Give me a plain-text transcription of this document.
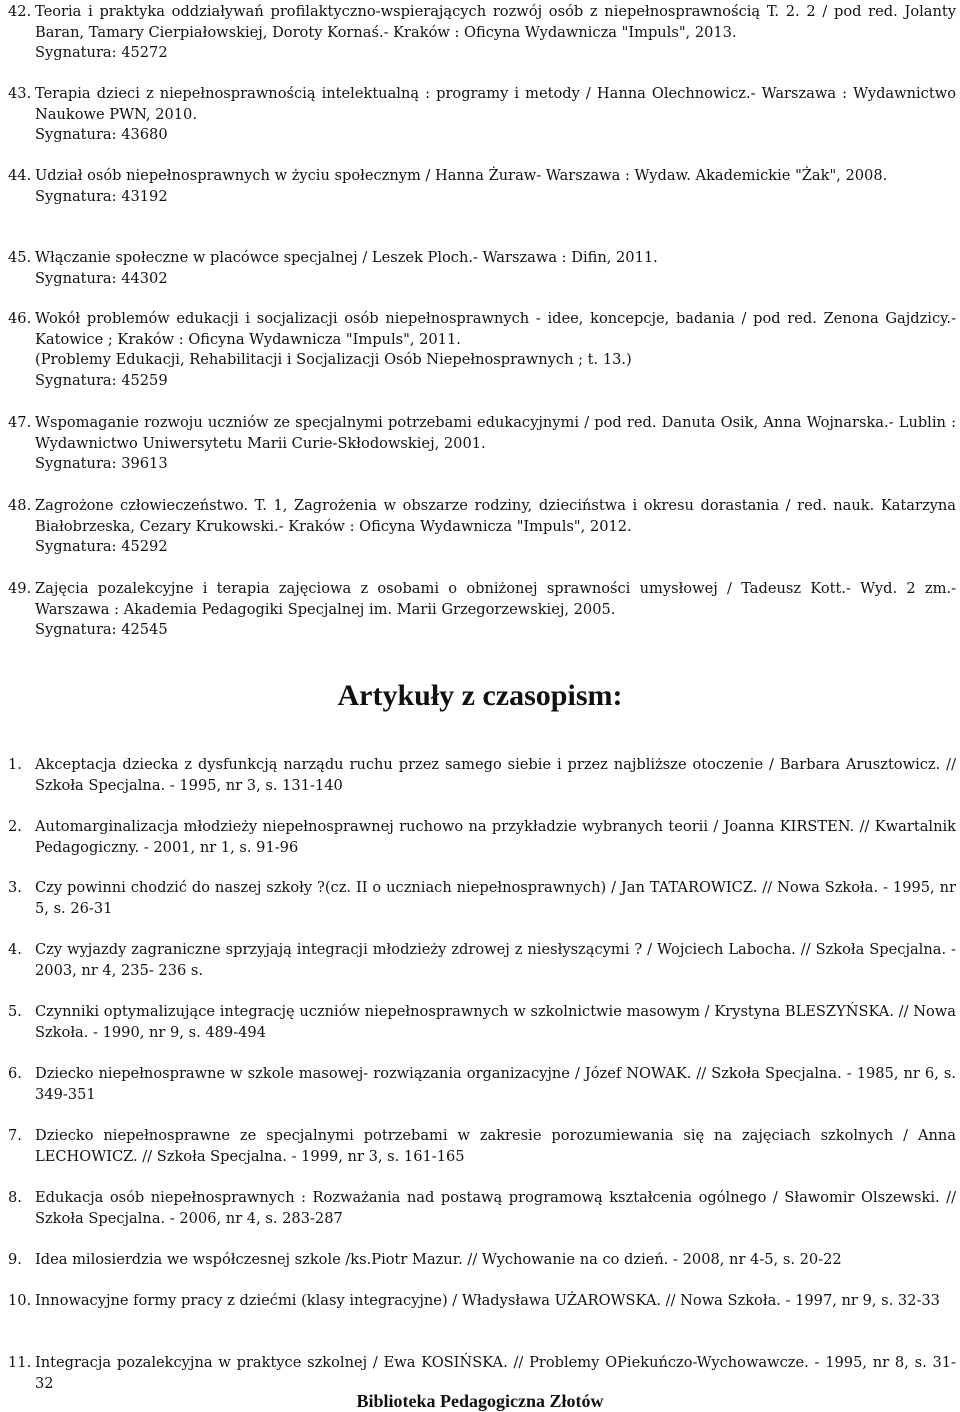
42. Teoria i praktyka oddziaływań profilaktyczno-wspierających rozwój osób z niepełnosprawnością T. 2. 2 / pod red. Jolanty Baran, Tamary Cierpiałowskiej, Doroty Kornaś.- Kraków : Oficyna Wydawnicza "Impuls", 2013.
Sygnatura: 45272
43. Terapia dzieci z niepełnosprawnością intelektualną : programy i metody / Hanna Olechnowicz.- Warszawa : Wydawnictwo Naukowe PWN, 2010.
Sygnatura: 43680
44. Udział osób niepełnosprawnych w życiu społecznym / Hanna Żuraw- Warszawa : Wydaw. Akademickie "Żak", 2008.
Sygnatura: 43192
45. Włączanie społeczne w placówce specjalnej / Leszek Ploch.- Warszawa : Difin, 2011.
Sygnatura: 44302
46. Wokół problemów edukacji i socjalizacji osób niepełnosprawnych - idee, koncepcje, badania / pod red. Zenona Gajdzicy.- Katowice ; Kraków : Oficyna Wydawnicza "Impuls", 2011.
(Problemy Edukacji, Rehabilitacji i Socjalizacji Osób Niepełnosprawnych ; t. 13.)
Sygnatura: 45259
47. Wspomaganie rozwoju uczniów ze specjalnymi potrzebami edukacyjnymi / pod red. Danuta Osik, Anna Wojnarska.- Lublin : Wydawnictwo Uniwersytetu Marii Curie-Skłodowskiej, 2001.
Sygnatura: 39613
48. Zagrożone człowieczeństwo. T. 1, Zagrożenia w obszarze rodziny, dzieciństwa i okresu dorastania / red. nauk. Katarzyna Białobrzeska, Cezary Krukowski.- Kraków : Oficyna Wydawnicza "Impuls", 2012.
Sygnatura: 45292
49. Zajęcia pozalekcyjne i terapia zajęciowa z osobami o obniżonej sprawności umysłowej / Tadeusz Kott.- Wyd. 2 zm.- Warszawa : Akademia Pedagogiki Specjalnej im. Marii Grzegorzewskiej, 2005.
Sygnatura: 42545
Artykuły z czasopism:
1. Akceptacja dziecka z dysfunkcją narządu ruchu przez samego siebie i przez najbliższe otoczenie / Barbara Arusztowicz. // Szkoła Specjalna. - 1995, nr 3, s. 131-140
2. Automarginalizacja młodzieży niepełnosprawnej ruchowo na przykładzie wybranych teorii / Joanna KIRSTEN. // Kwartalnik Pedagogiczny. - 2001, nr 1, s. 91-96
3. Czy powinni chodzić do naszej szkoły ?(cz. II o uczniach niepełnosprawnych) / Jan TATAROWICZ. // Nowa Szkoła. - 1995, nr 5, s. 26-31
4. Czy wyjazdy zagraniczne sprzyjają integracji młodzieży zdrowej z niesłyszącymi ? / Wojciech Labocha. // Szkoła Specjalna. - 2003, nr 4, 235- 236 s.
5. Czynniki optymalizujące integrację uczniów niepełnosprawnych w szkolnictwie masowym / Krystyna BLESZYŃSKA. // Nowa Szkoła. - 1990, nr 9, s. 489-494
6. Dziecko niepełnosprawne w szkole masowej- rozwiązania organizacyjne / Józef NOWAK. // Szkoła Specjalna. - 1985, nr 6, s. 349-351
7. Dziecko niepełnosprawne ze specjalnymi potrzebami w zakresie porozumiewania się na zajęciach szkolnych / Anna LECHOWICZ. // Szkoła Specjalna. - 1999, nr 3, s. 161-165
8. Edukacja osób niepełnosprawnych : Rozważania nad postawą programową kształcenia ogólnego / Sławomir Olszewski. // Szkoła Specjalna. - 2006, nr 4, s. 283-287
9. Idea milosierdzia we współczesnej szkole /ks.Piotr Mazur. // Wychowanie na co dzień. - 2008, nr 4-5, s. 20-22
10. Innowacyjne formy pracy z dziećmi (klasy integracyjne) / Władysława UŻAROWSKA. // Nowa Szkoła. - 1997, nr 9, s. 32-33
11. Integracja pozalekcyjna w praktyce szkolnej / Ewa KOSIŃSKA. // Problemy OPiekuńczo-Wychowawcze. - 1995, nr 8, s. 31-32
Biblioteka Pedagogiczna Złotów
